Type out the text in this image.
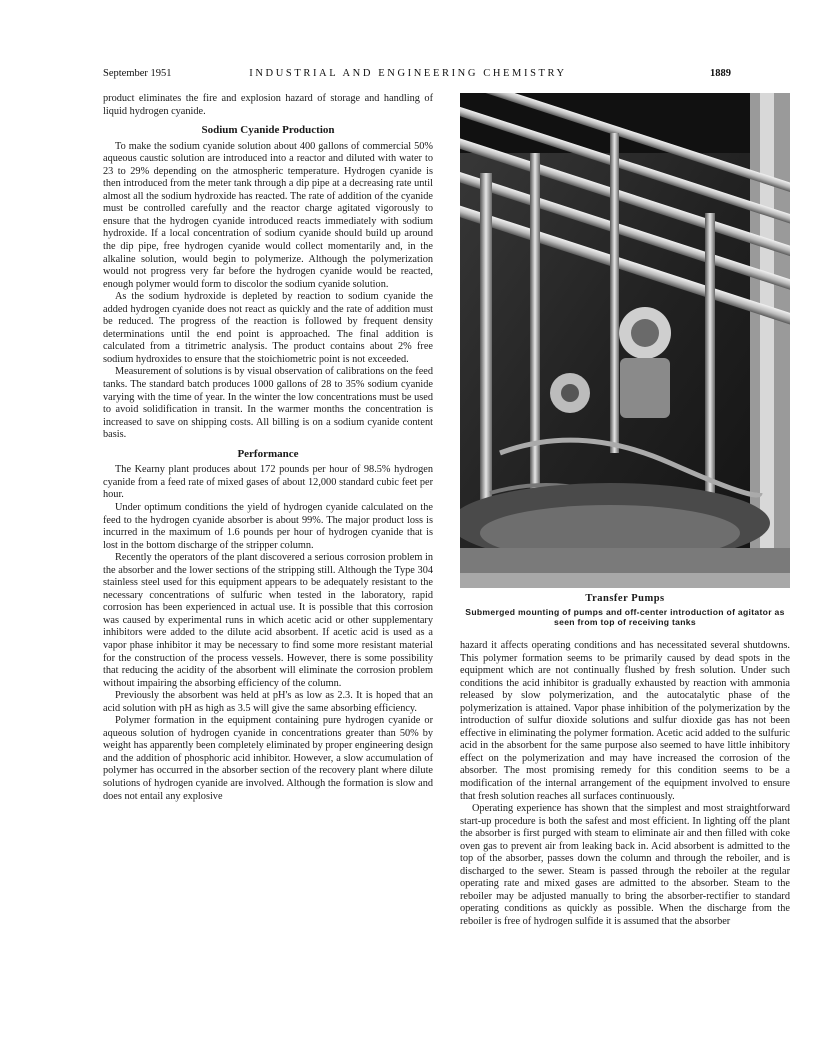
September 1951	INDUSTRIAL AND ENGINEERING CHEMISTRY	1889

product eliminates the fire and explosion hazard of storage and handling of liquid hydrogen cyanide.

Sodium Cyanide Production

To make the sodium cyanide solution about 400 gallons of commercial 50% aqueous caustic solution are introduced into a reactor and diluted with water to 23 to 29% depending on the atmospheric temperature. Hydrogen cyanide is then introduced from the meter tank through a dip pipe at a decreasing rate until almost all the sodium hydroxide has reacted. The rate of addition of the cyanide must be controlled carefully and the reactor charge agitated vigorously to ensure that the hydrogen cyanide introduced reacts immediately with sodium hydroxide. If a local concentration of sodium cyanide should build up around the dip pipe, free hydrogen cyanide would collect momentarily and, in the alkaline solution, would begin to polymerize. Although the polymerization would not progress very far before the hydrogen cyanide would be reacted, enough polymer would form to discolor the sodium cyanide solution.

As the sodium hydroxide is depleted by reaction to sodium cyanide the added hydrogen cyanide does not react as quickly and the rate of addition must be reduced. The progress of the reaction is followed by frequent density determinations until the end point is approached. The final addition is calculated from a titrimetric analysis. The product contains about 2% free sodium hydroxides to ensure that the stoichiometric point is not exceeded.

Measurement of solutions is by visual observation of calibrations on the feed tanks. The standard batch produces 1000 gallons of 28 to 35% sodium cyanide varying with the time of year. In the winter the low concentrations must be used to avoid solidification in transit. In the warmer months the concentration is increased to save on shipping costs. All billing is on a sodium cyanide content basis.

Performance

The Kearny plant produces about 172 pounds per hour of 98.5% hydrogen cyanide from a feed rate of mixed gases of about 12,000 standard cubic feet per hour.

Under optimum conditions the yield of hydrogen cyanide calculated on the feed to the hydrogen cyanide absorber is about 99%. The major product loss is incurred in the maximum of 1.6 pounds per hour of hydrogen cyanide that is lost in the bottom discharge of the stripper column.

Recently the operators of the plant discovered a serious corrosion problem in the absorber and the lower sections of the stripping still. Although the Type 304 stainless steel used for this equipment appears to be adequately resistant to the necessary concentrations of sulfuric when tested in the laboratory, rapid corrosion has been experienced in actual use. It is possible that this corrosion was caused by experimental runs in which acetic acid or other supplementary inhibitors were added to the dilute acid absorbent. If acetic acid is used as a vapor phase inhibitor it may be necessary to find some more resistant material for the construction of the process vessels. However, there is some possibility that reducing the acidity of the absorbent will eliminate the corrosion problem without impairing the absorbing efficiency of the column.

Previously the absorbent was held at pH's as low as 2.3. It is hoped that an acid solution with pH as high as 3.5 will give the same absorbing efficiency.

Polymer formation in the equipment containing pure hydrogen cyanide or aqueous solution of hydrogen cyanide in concentrations greater than 50% by weight has apparently been completely eliminated by proper engineering design and the addition of phosphoric acid inhibitor. However, a slow accumulation of polymer has occurred in the absorber section of the recovery plant where dilute solutions of hydrogen cyanide are involved. Although the formation is slow and does not entail any explosive

Transfer Pumps
Submerged mounting of pumps and off-center introduction of agitator as seen from top of receiving tanks

hazard it affects operating conditions and has necessitated several shutdowns. This polymer formation seems to be primarily caused by dead spots in the equipment which are not continually flushed by fresh solution. Under such conditions the acid inhibitor is gradually exhausted by reaction with ammonia released by slow polymerization, and the autocatalytic phase of the polymerization is attained. Vapor phase inhibition of the polymerization by the introduction of sulfur dioxide solutions and sulfur dioxide gas has not been effective in eliminating the polymer formation. Acetic acid added to the sulfuric acid in the absorbent for the same purpose also seemed to have little inhibitory effect on the polymerization and may have increased the corrosion of the absorber. The most promising remedy for this condition seems to be a modification of the internal arrangement of the equipment involved to ensure that fresh solution reaches all surfaces continuously.

Operating experience has shown that the simplest and most straightforward start-up procedure is both the safest and most efficient. In lighting off the plant the absorber is first purged with steam to eliminate air and then filled with coke oven gas to prevent air from leaking back in. Acid absorbent is admitted to the top of the absorber, passes down the column and through the reboiler, and is discharged to the sewer. Steam is passed through the reboiler at the regular operating rate and mixed gases are admitted to the absorber. Steam to the reboiler may be adjusted manually to bring the absorber-rectifier to standard operating conditions as quickly as possible. When the discharge from the reboiler is free of hydrogen sulfide it is assumed that the absorber
